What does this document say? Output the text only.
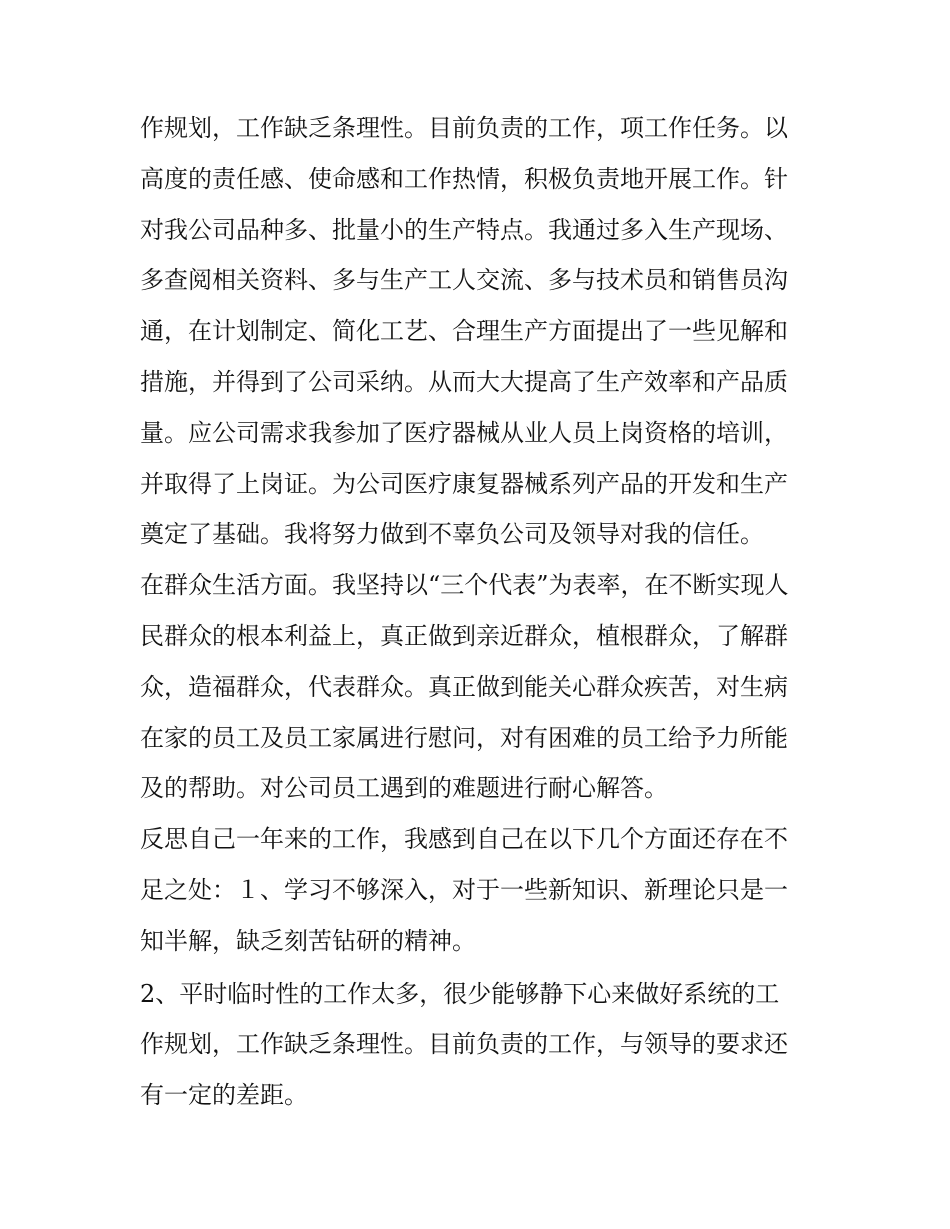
作规划，工作缺乏条理性。目前负责的工作，项工作任务。以
高度的责任感、使命感和工作热情，积极负责地开展工作。针
对我公司品种多、批量小的生产特点。我通过多入生产现场、
多查阅相关资料、多与生产工人交流、多与技术员和销售员沟
通，在计划制定、简化工艺、合理生产方面提出了一些见解和
措施，并得到了公司采纳。从而大大提高了生产效率和产品质
量。应公司需求我参加了医疗器械从业人员上岗资格的培训，
并取得了上岗证。为公司医疗康复器械系列产品的开发和生产
奠定了基础。我将努力做到不辜负公司及领导对我的信任。
在群众生活方面。我坚持以“三个代表”为表率，在不断实现人
民群众的根本利益上，真正做到亲近群众，植根群众，了解群
众，造福群众，代表群众。真正做到能关心群众疾苦，对生病
在家的员工及员工家属进行慰问，对有困难的员工给予力所能
及的帮助。对公司员工遇到的难题进行耐心解答。
反思自己一年来的工作，我感到自己在以下几个方面还存在不
足之处：１、学习不够深入，对于一些新知识、新理论只是一
知半解，缺乏刻苦钻研的精神。
2、平时临时性的工作太多，很少能够静下心来做好系统的工
作规划，工作缺乏条理性。目前负责的工作，与领导的要求还
有一定的差距。
